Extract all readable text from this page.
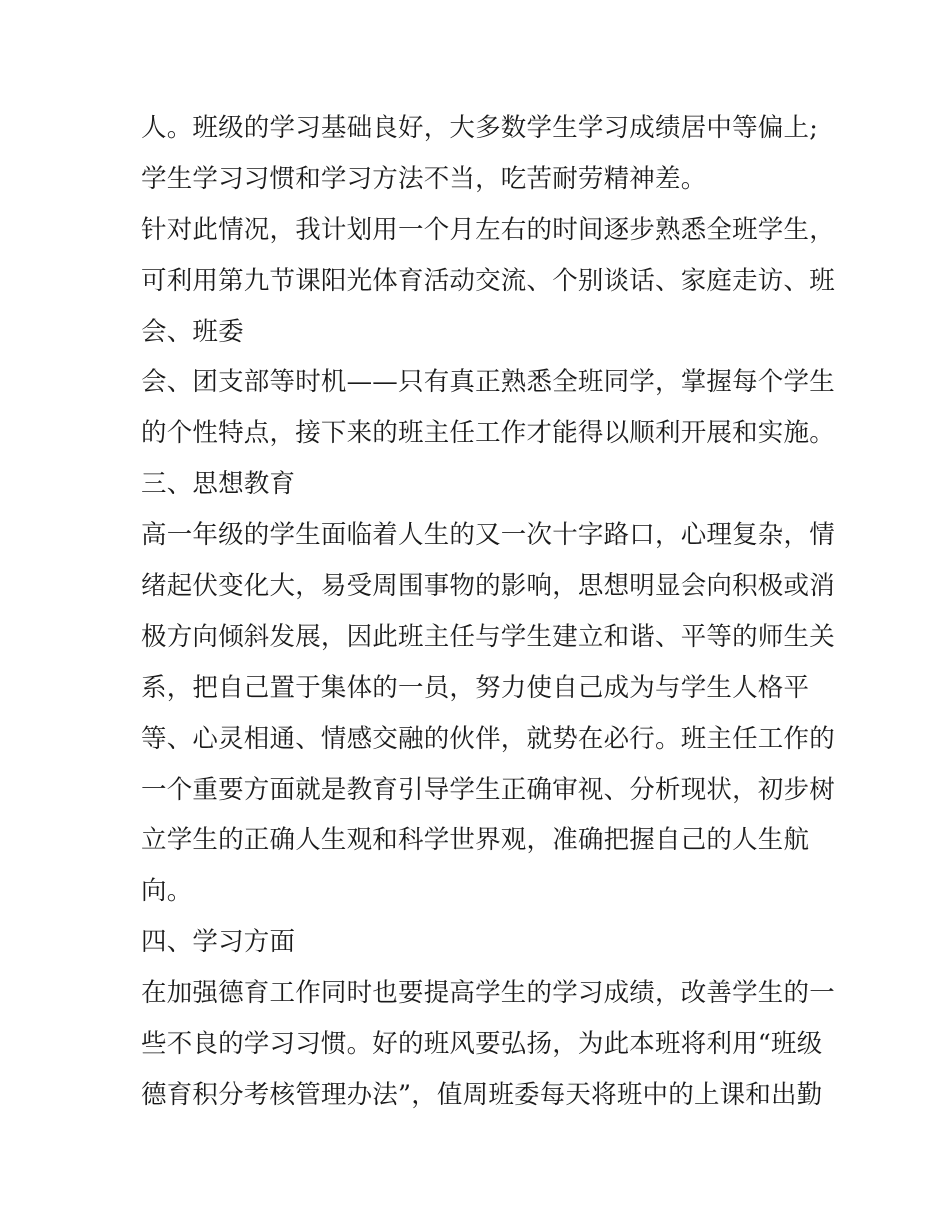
人。班级的学习基础良好，大多数学生学习成绩居中等偏上;
学生学习习惯和学习方法不当，吃苦耐劳精神差。
针对此情况，我计划用一个月左右的时间逐步熟悉全班学生，
可利用第九节课阳光体育活动交流、个别谈话、家庭走访、班
会、班委
会、团支部等时机——只有真正熟悉全班同学，掌握每个学生
的个性特点，接下来的班主任工作才能得以顺利开展和实施。
三、思想教育
高一年级的学生面临着人生的又一次十字路口，心理复杂，情
绪起伏变化大，易受周围事物的影响，思想明显会向积极或消
极方向倾斜发展，因此班主任与学生建立和谐、平等的师生关
系，把自己置于集体的一员，努力使自己成为与学生人格平
等、心灵相通、情感交融的伙伴，就势在必行。班主任工作的
一个重要方面就是教育引导学生正确审视、分析现状，初步树
立学生的正确人生观和科学世界观，准确把握自己的人生航
向。
四、学习方面
在加强德育工作同时也要提高学生的学习成绩，改善学生的一
些不良的学习习惯。好的班风要弘扬，为此本班将利用“班级
德育积分考核管理办法”，值周班委每天将班中的上课和出勤
